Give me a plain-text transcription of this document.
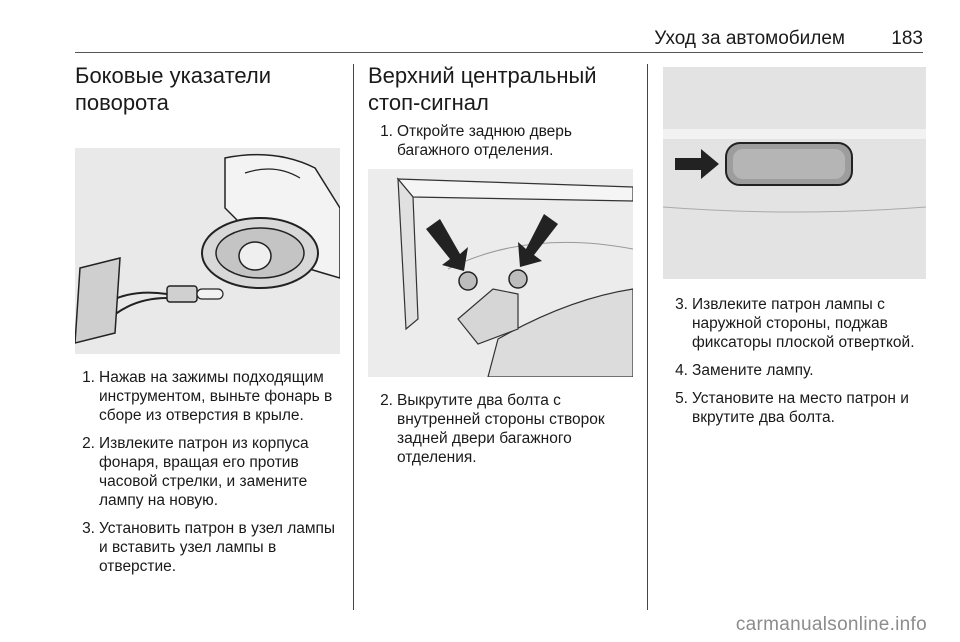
Уход за автомобилем 183
Боковые указатели поворота
1. Нажав на зажимы подходящим инструментом, выньте фонарь в сборе из отверстия в крыле.
2. Извлеките патрон из корпуса фонаря, вращая его против часовой стрелки, и замените лампу на новую.
3. Установить патрон в узел лампы и вставить узел лампы в отверстие.
Верхний центральный стоп-сигнал
1. Откройте заднюю дверь багажного отделения.
2. Выкрутите два болта с внутренней стороны створок задней двери багажного отделения.
3. Извлеките патрон лампы с наружной стороны, поджав фиксаторы плоской отверткой.
4. Замените лампу.
5. Установите на место патрон и вкрутите два болта.
carmanualsonline.info
